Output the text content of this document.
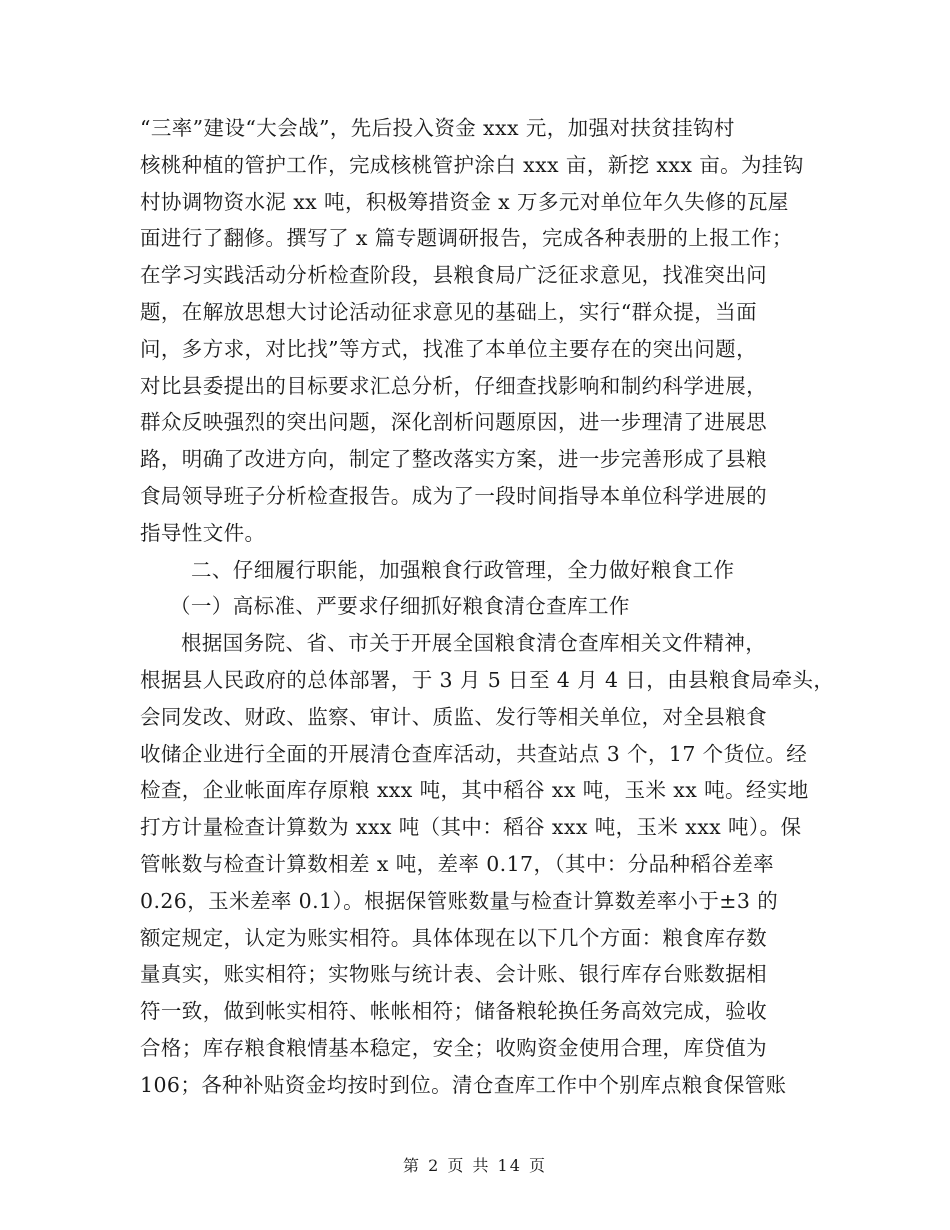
“三率”建设“大会战”，先后投入资金 xxx 元，加强对扶贫挂钩村
核桃种植的管护工作，完成核桃管护涂白 xxx 亩，新挖 xxx 亩。为挂钩
村协调物资水泥 xx 吨，积极筹措资金 x 万多元对单位年久失修的瓦屋
面进行了翻修。撰写了 x 篇专题调研报告，完成各种表册的上报工作；
在学习实践活动分析检查阶段，县粮食局广泛征求意见，找准突出问
题，在解放思想大讨论活动征求意见的基础上，实行“群众提，当面
问，多方求，对比找”等方式，找准了本单位主要存在的突出问题，
对比县委提出的目标要求汇总分析，仔细查找影响和制约科学进展，
群众反映强烈的突出问题，深化剖析问题原因，进一步理清了进展思
路，明确了改进方向，制定了整改落实方案，进一步完善形成了县粮
食局领导班子分析检查报告。成为了一段时间指导本单位科学进展的
指导性文件。
二、仔细履行职能，加强粮食行政管理，全力做好粮食工作
（一）高标准、严要求仔细抓好粮食清仓查库工作
根据国务院、省、市关于开展全国粮食清仓查库相关文件精神，
根据县人民政府的总体部署，于 3 月 5 日至 4 月 4 日，由县粮食局牵头，
会同发改、财政、监察、审计、质监、发行等相关单位，对全县粮食
收储企业进行全面的开展清仓查库活动，共查站点 3 个，17 个货位。经
检查，企业帐面库存原粮 xxx 吨，其中稻谷 xx 吨，玉米 xx 吨。经实地
打方计量检查计算数为 xxx 吨（其中：稻谷 xxx 吨，玉米 xxx 吨）。保
管帐数与检查计算数相差 x 吨，差率 0.17，（其中：分品种稻谷差率
0.26，玉米差率 0.1）。根据保管账数量与检查计算数差率小于±3 的
额定规定，认定为账实相符。具体体现在以下几个方面：粮食库存数
量真实，账实相符；实物账与统计表、会计账、银行库存台账数据相
符一致，做到帐实相符、帐帐相符；储备粮轮换任务高效完成，验收
合格；库存粮食粮情基本稳定，安全；收购资金使用合理，库贷值为
106；各种补贴资金均按时到位。清仓查库工作中个别库点粮食保管账
第 2 页 共 14 页
